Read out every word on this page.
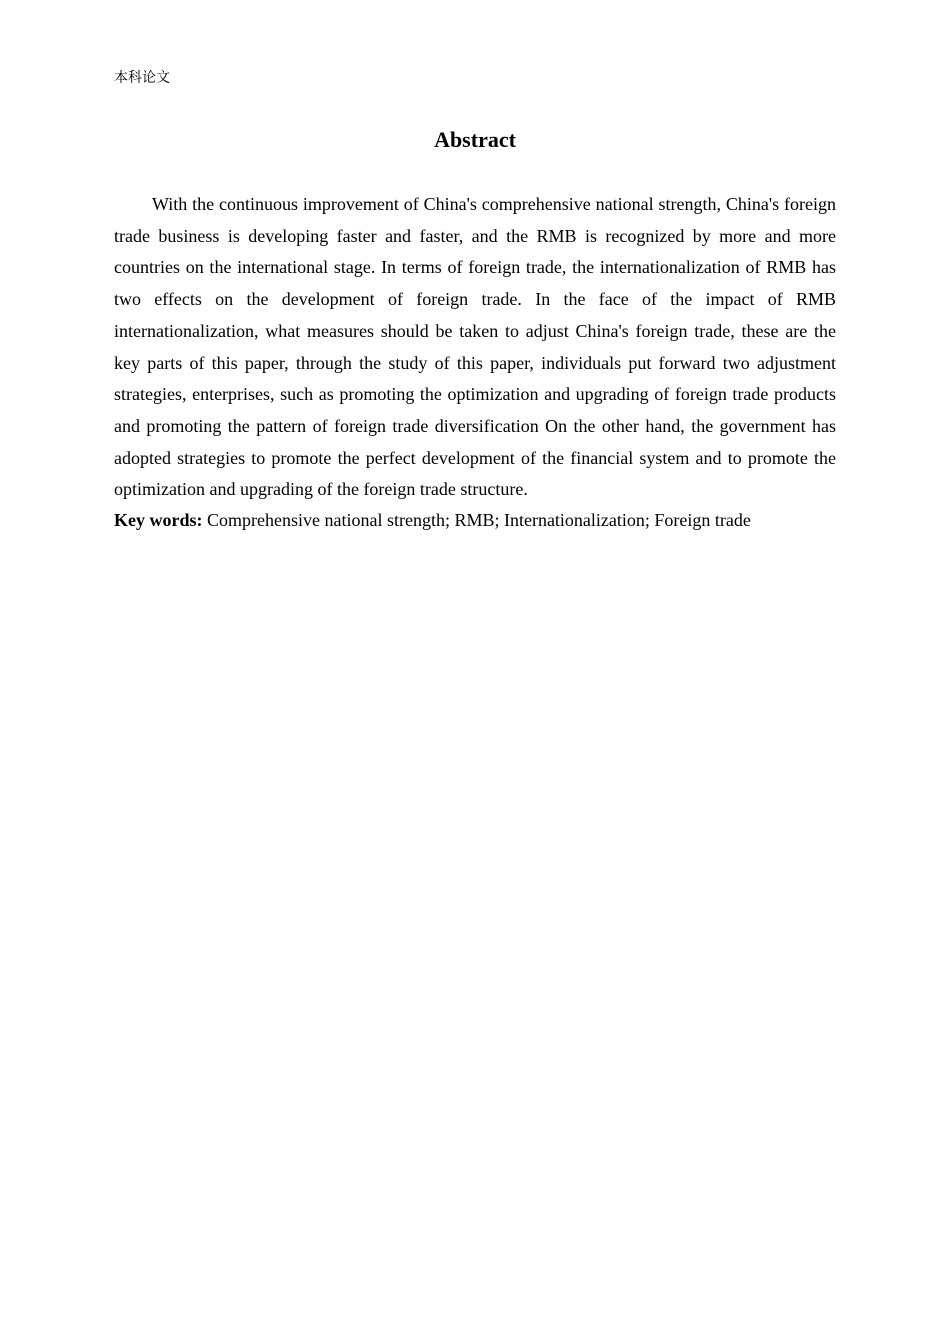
本科论文
Abstract

With the continuous improvement of China's comprehensive national strength, China's foreign trade business is developing faster and faster, and the RMB is recognized by more and more countries on the international stage. In terms of foreign trade, the internationalization of RMB has two effects on the development of foreign trade. In the face of the impact of RMB internationalization, what measures should be taken to adjust China's foreign trade, these are the key parts of this paper, through the study of this paper, individuals put forward two adjustment strategies, enterprises, such as promoting the optimization and upgrading of foreign trade products and promoting the pattern of foreign trade diversification On the other hand, the government has adopted strategies to promote the perfect development of the financial system and to promote the optimization and upgrading of the foreign trade structure.

Key words: Comprehensive national strength; RMB; Internationalization; Foreign trade
